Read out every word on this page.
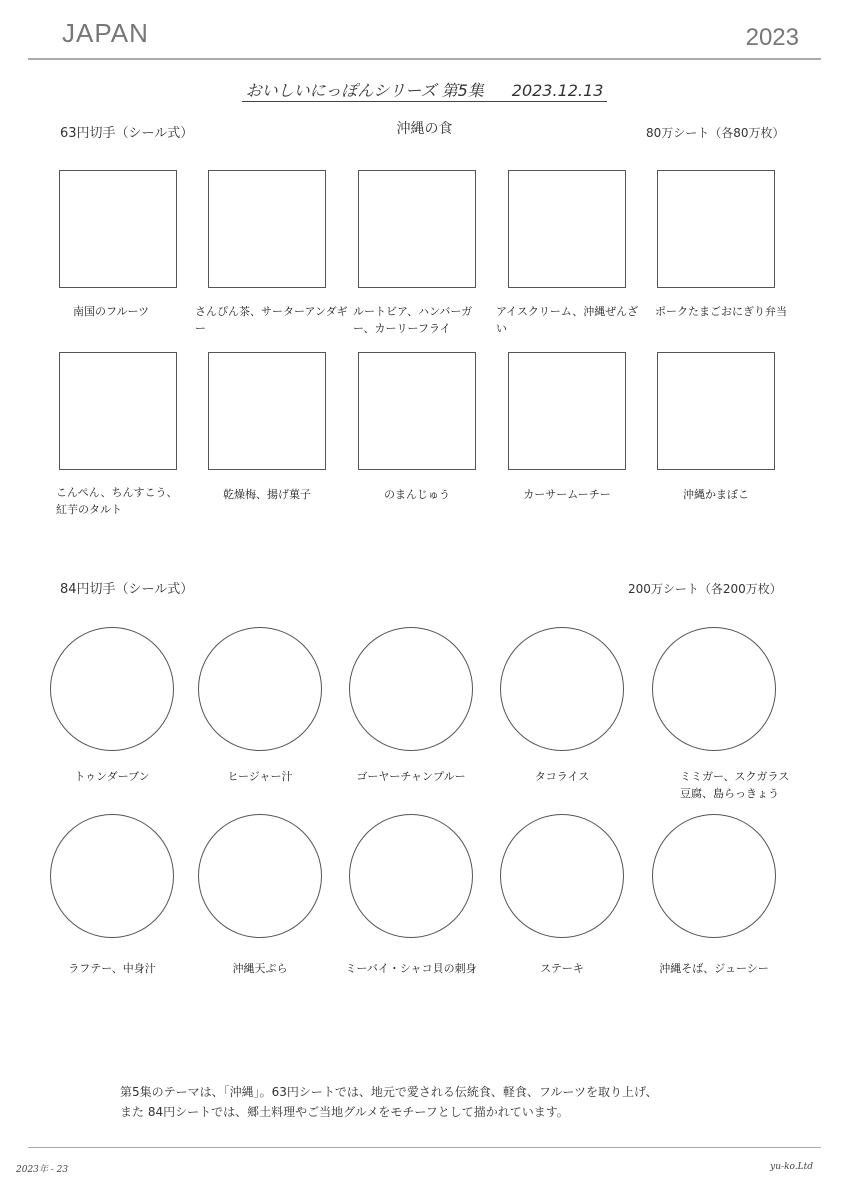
JAPAN	2023
おいしいにっぽんシリーズ 第5集 2023.12.13
沖縄の食
63円切手（シール式）	80万シート（各80万枚）
南国のフルーツ	さんぴん茶、サーターアンダギー
ルートビア、ハンバーガー、カーリーフライ
アイスクリーム、沖縄ぜんざい
ポークたまごおにぎり弁当
こんぺん、ちんすこう、紅芋のタルト
乾燥梅、揚げ菓子	のまんじゅう	カーサームーチー	沖縄かまぼこ
84円切手（シール式）	200万シート（各200万枚）
トゥンダーブン	ヒージャー汁	ゴーヤーチャンプルー	タコライス	ミミガー、スクガラス豆腐、島らっきょう
ラフテー、中身汁	沖縄天ぷら	ミーバイ・シャコ貝の刺身	ステーキ	沖縄そば、ジューシー
第5集のテーマは、「沖縄」。63円シートでは、地元で愛される伝統食、軽食、フルーツを取り上げ、
また 84円シートでは、郷土料理やご当地グルメをモチーフとして描かれています。
2023年 - 23	yu-ko.Ltd
